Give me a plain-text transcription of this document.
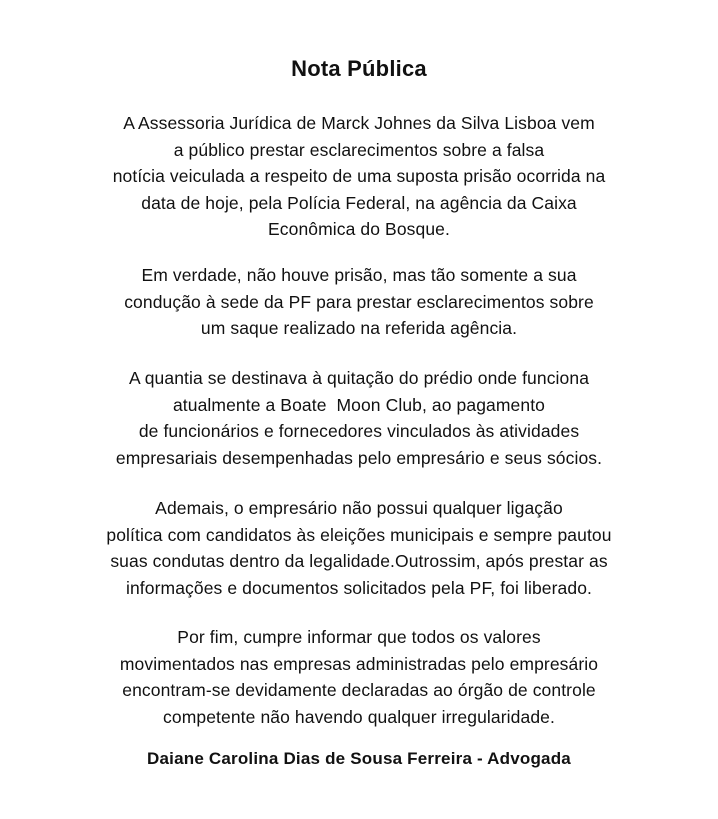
Nota Pública
A Assessoria Jurídica de Marck Johnes da Silva Lisboa vem
a público prestar esclarecimentos sobre a falsa
notícia veiculada a respeito de uma suposta prisão ocorrida na
data de hoje, pela Polícia Federal, na agência da Caixa
Econômica do Bosque.
Em verdade, não houve prisão, mas tão somente a sua
condução à sede da PF para prestar esclarecimentos sobre
um saque realizado na referida agência.
A quantia se destinava à quitação do prédio onde funciona
atualmente a Boate  Moon Club, ao pagamento
de funcionários e fornecedores vinculados às atividades
empresariais desempenhadas pelo empresário e seus sócios.
Ademais, o empresário não possui qualquer ligação
política com candidatos às eleições municipais e sempre pautou
suas condutas dentro da legalidade.Outrossim, após prestar as
informações e documentos solicitados pela PF, foi liberado.
Por fim, cumpre informar que todos os valores
movimentados nas empresas administradas pelo empresário
encontram-se devidamente declaradas ao órgão de controle
competente não havendo qualquer irregularidade.
Daiane Carolina Dias de Sousa Ferreira - Advogada
